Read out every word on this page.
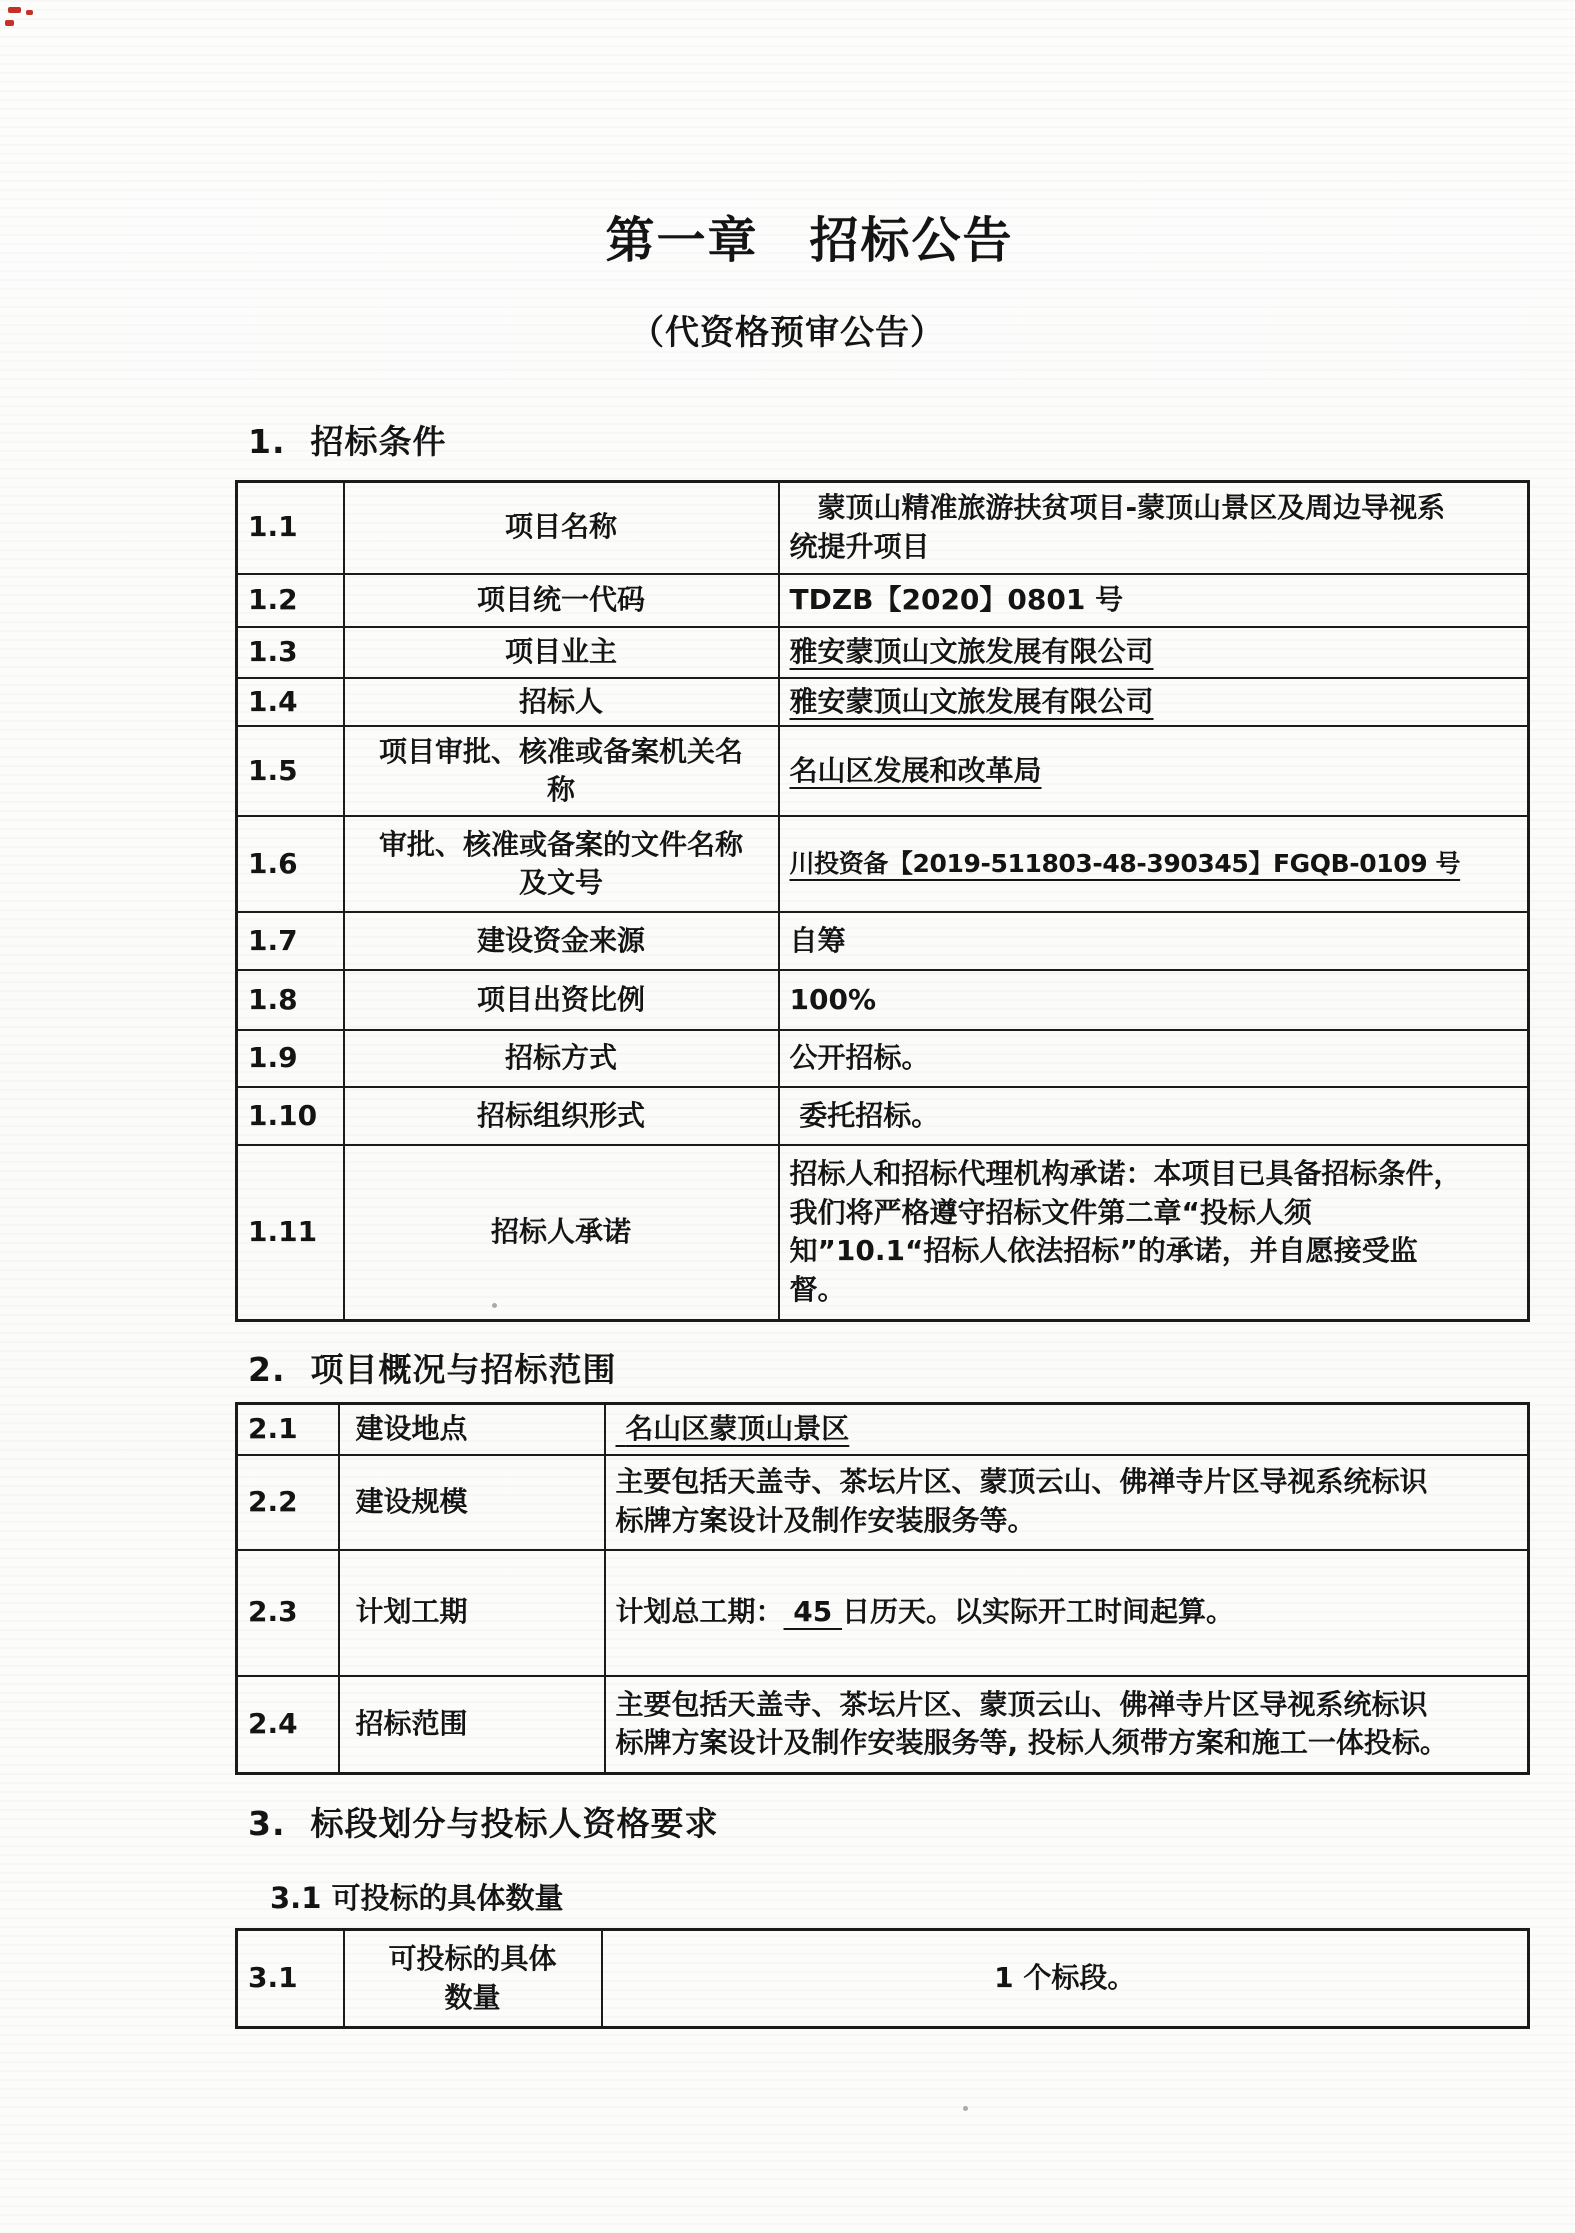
第一章　招标公告
（代资格预审公告）
1.  招标条件
1.1	项目名称	　蒙顶山精准旅游扶贫项目-蒙顶山景区及周边导视系
统提升项目
1.2	项目统一代码	TDZB【2020】0801 号
1.3	项目业主	雅安蒙顶山文旅发展有限公司
1.4	招标人	雅安蒙顶山文旅发展有限公司
1.5	项目审批、核准或备案机关名
称	名山区发展和改革局
1.6	审批、核准或备案的文件名称
及文号	川投资备【2019-511803-48-390345】FGQB-0109 号
1.7	建设资金来源	自筹
1.8	项目出资比例	100%
1.9	招标方式	公开招标。
1.10	招标组织形式	委托招标。
1.11	招标人承诺	招标人和招标代理机构承诺：本项目已具备招标条件，
我们将严格遵守招标文件第二章“投标人须
知”10.1“招标人依法招标”的承诺，并自愿接受监
督。
2.  项目概况与招标范围
2.1	建设地点	名山区蒙顶山景区
2.2	建设规模	主要包括天盖寺、茶坛片区、蒙顶云山、佛禅寺片区导视系统标识
标牌方案设计及制作安装服务等。
2.3	计划工期	计划总工期： 45 日历天。以实际开工时间起算。
2.4	招标范围	主要包括天盖寺、茶坛片区、蒙顶云山、佛禅寺片区导视系统标识
标牌方案设计及制作安装服务等, 投标人须带方案和施工一体投标。
3.  标段划分与投标人资格要求
3.1 可投标的具体数量
3.1	可投标的具体
数量	1 个标段。
